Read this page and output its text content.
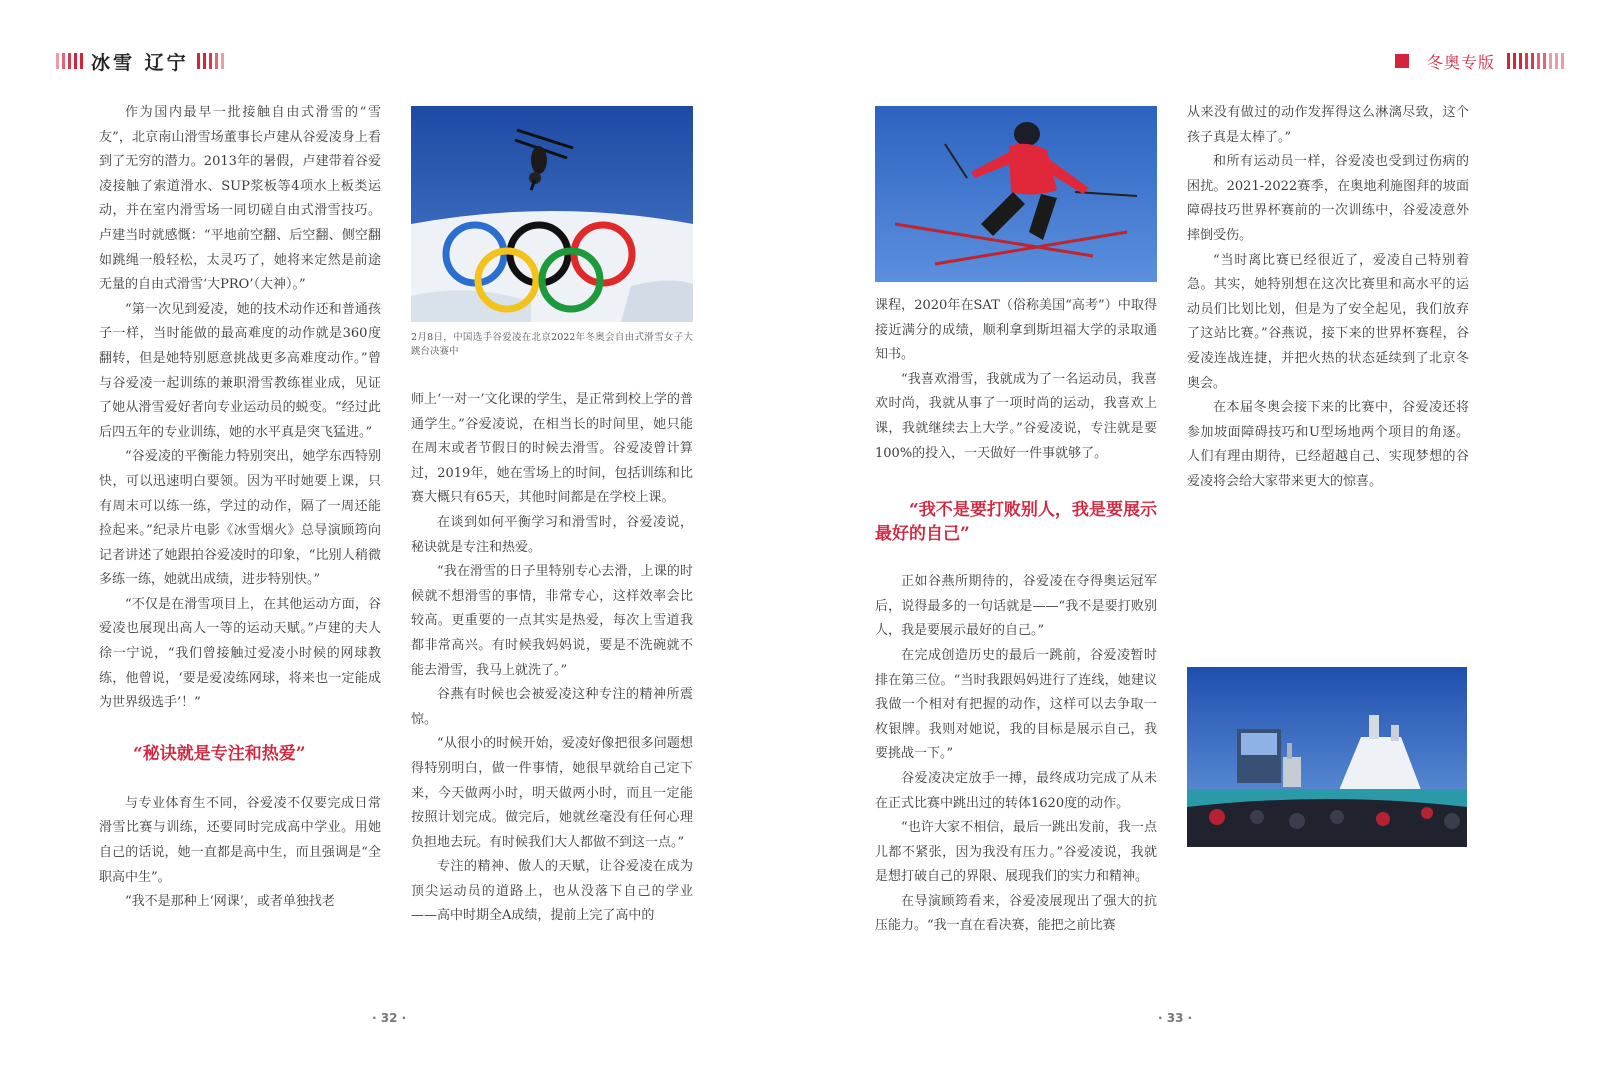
冰雪 辽宁

作为国内最早一批接触自由式滑雪的“雪友”，北京南山滑雪场董事长卢建从谷爱凌身上看到了无穷的潜力。2013年的暑假，卢建带着谷爱凌接触了索道滑水、SUP浆板等4项水上板类运动，并在室内滑雪场一同切磋自由式滑雪技巧。卢建当时就感慨：“平地前空翻、后空翻、侧空翻如跳绳一般轻松，太灵巧了，她将来定然是前途无量的自由式滑雪‘大PRO’（大神）。”

“第一次见到爱凌，她的技术动作还和普通孩子一样，当时能做的最高难度的动作就是360度翻转，但是她特别愿意挑战更多高难度动作。”曾与谷爱凌一起训练的兼职滑雪教练崔业成，见证了她从滑雪爱好者向专业运动员的蜕变。“经过此后四五年的专业训练，她的水平真是突飞猛进。”

“谷爱凌的平衡能力特别突出，她学东西特别快，可以迅速明白要领。因为平时她要上课，只有周末可以练一练，学过的动作，隔了一周还能捡起来。”纪录片电影《冰雪烟火》总导演顾筠向记者讲述了她跟拍谷爱凌时的印象，“比别人稍微多练一练，她就出成绩，进步特别快。”

“不仅是在滑雪项目上，在其他运动方面，谷爱凌也展现出高人一等的运动天赋。”卢建的夫人徐一宁说，“我们曾接触过爱凌小时候的网球教练，他曾说，‘要是爱凌练网球，将来也一定能成为世界级选手’！”

“秘诀就是专注和热爱”

与专业体育生不同，谷爱凌不仅要完成日常滑雪比赛与训练，还要同时完成高中学业。用她自己的话说，她一直都是高中生，而且强调是“全职高中生”。

“我不是那种上‘网课’，或者单独找老

2月8日，中国选手谷爱凌在北京2022年冬奥会自由式滑雪女子大跳台决赛中

师上‘一对一’文化课的学生，是正常到校上学的普通学生。”谷爱凌说，在相当长的时间里，她只能在周末或者节假日的时候去滑雪。谷爱凌曾计算过，2019年，她在雪场上的时间，包括训练和比赛大概只有65天，其他时间都是在学校上课。

在谈到如何平衡学习和滑雪时，谷爱凌说，秘诀就是专注和热爱。

“我在滑雪的日子里特别专心去滑，上课的时候就不想滑雪的事情，非常专心，这样效率会比较高。更重要的一点其实是热爱，每次上雪道我都非常高兴。有时候我妈妈说，要是不洗碗就不能去滑雪，我马上就洗了。”

谷燕有时候也会被爱凌这种专注的精神所震惊。

“从很小的时候开始，爱凌好像把很多问题想得特别明白，做一件事情，她很早就给自己定下来，今天做两小时，明天做两小时，而且一定能按照计划完成。做完后，她就丝毫没有任何心理负担地去玩。有时候我们大人都做不到这一点。”

专注的精神、傲人的天赋，让谷爱凌在成为顶尖运动员的道路上，也从没落下自己的学业——高中时期全A成绩，提前上完了高中的

· 32 ·
冬奥专版

课程，2020年在SAT（俗称美国“高考”）中取得接近满分的成绩，顺利拿到斯坦福大学的录取通知书。

“我喜欢滑雪，我就成为了一名运动员，我喜欢时尚，我就从事了一项时尚的运动，我喜欢上课，我就继续去上大学。”谷爱凌说，专注就是要100%的投入，一天做好一件事就够了。

“我不是要打败别人，我是要展示最好的自己”

正如谷燕所期待的，谷爱凌在夺得奥运冠军后，说得最多的一句话就是——“我不是要打败别人，我是要展示最好的自己。”

在完成创造历史的最后一跳前，谷爱凌暂时排在第三位。“当时我跟妈妈进行了连线，她建议我做一个相对有把握的动作，这样可以去争取一枚银牌。我则对她说，我的目标是展示自己，我要挑战一下。”

谷爱凌决定放手一搏，最终成功完成了从未在正式比赛中跳出过的转体1620度的动作。

“也许大家不相信，最后一跳出发前，我一点儿都不紧张，因为我没有压力。”谷爱凌说，我就是想打破自己的界限、展现我们的实力和精神。

在导演顾筠看来，谷爱凌展现出了强大的抗压能力。“我一直在看决赛，能把之前比赛

从来没有做过的动作发挥得这么淋漓尽致，这个孩子真是太棒了。”

和所有运动员一样，谷爱凌也受到过伤病的困扰。2021-2022赛季，在奥地利施图拜的坡面障碍技巧世界杯赛前的一次训练中，谷爱凌意外摔倒受伤。

“当时离比赛已经很近了，爱凌自己特别着急。其实，她特别想在这次比赛里和高水平的运动员们比划比划，但是为了安全起见，我们放弃了这站比赛。”谷燕说，接下来的世界杯赛程，谷爱凌连战连捷，并把火热的状态延续到了北京冬奥会。

在本届冬奥会接下来的比赛中，谷爱凌还将参加坡面障碍技巧和U型场地两个项目的角逐。人们有理由期待，已经超越自己、实现梦想的谷爱凌将会给大家带来更大的惊喜。

· 33 ·
